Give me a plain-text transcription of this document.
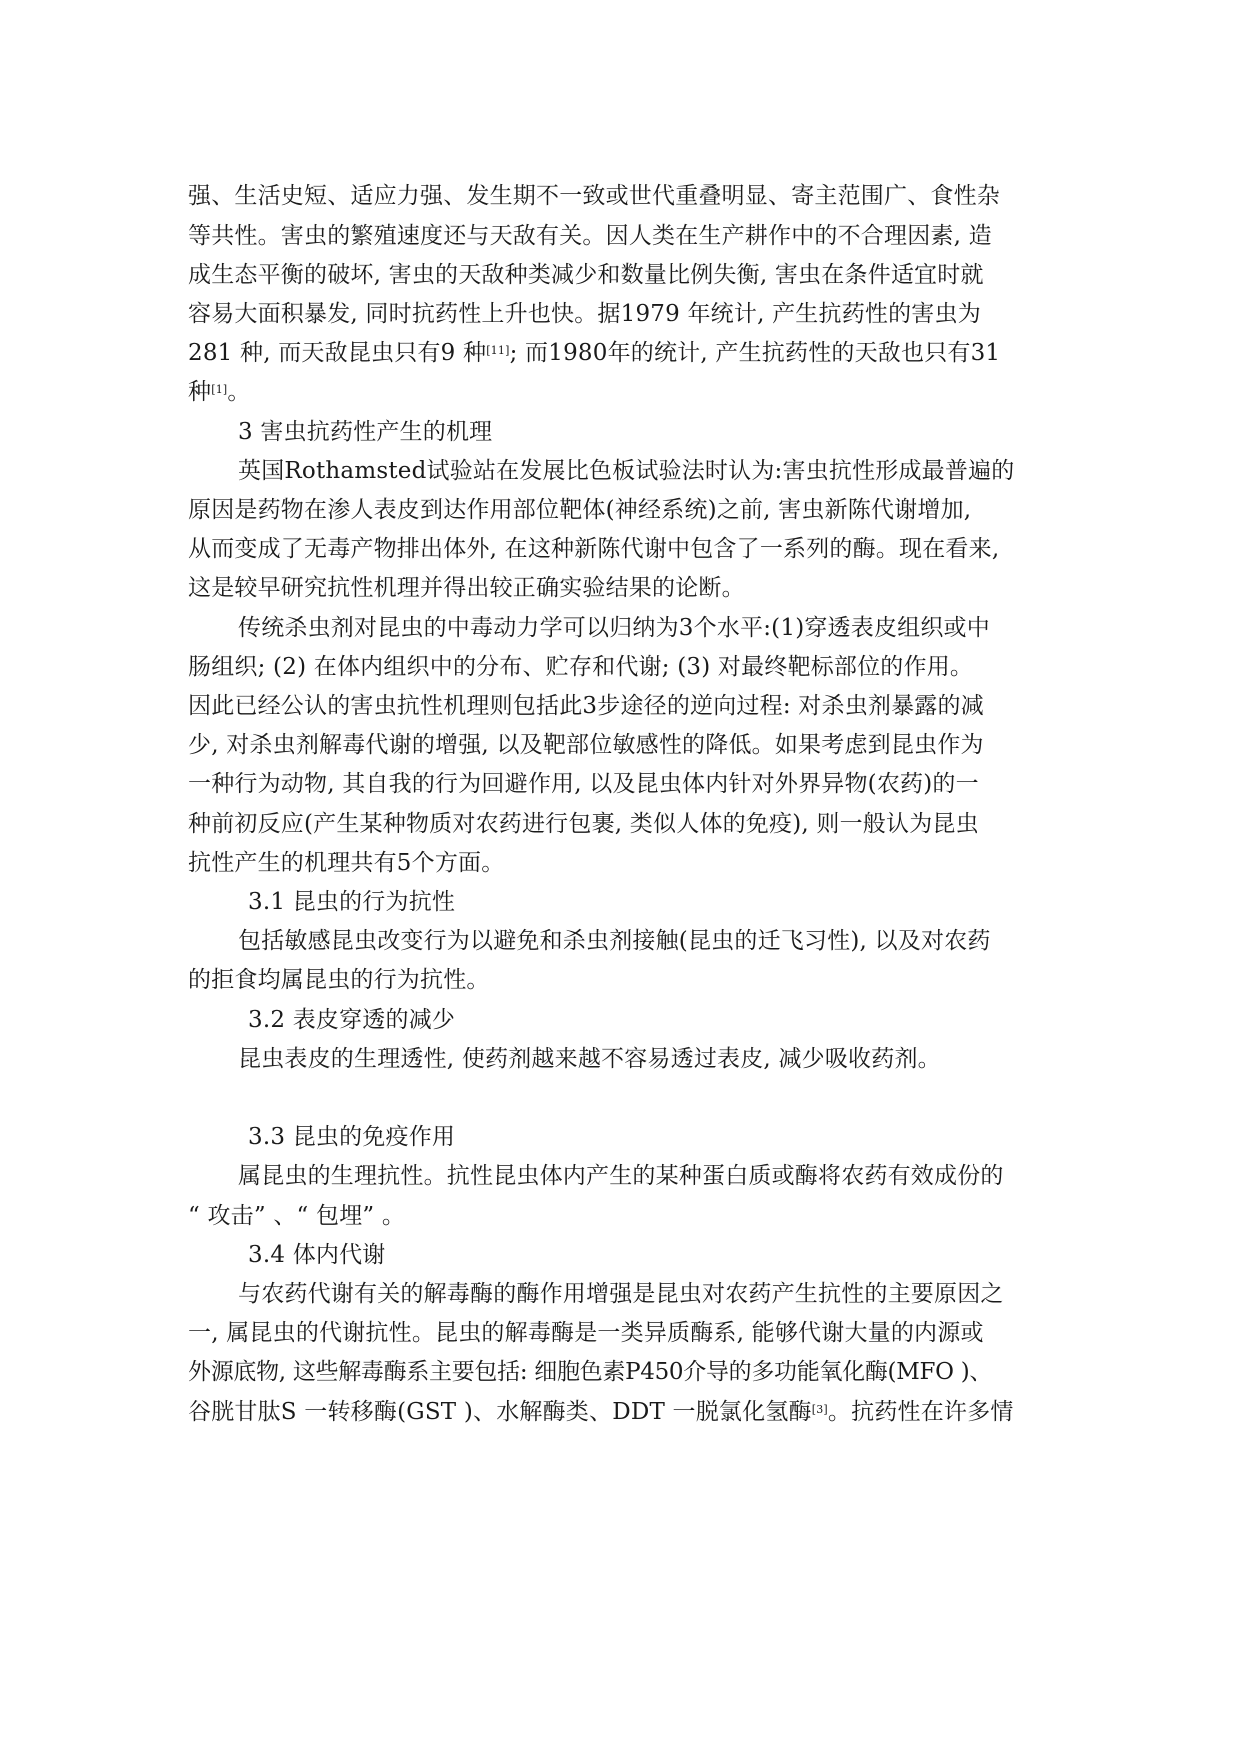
强、生活史短、适应力强、发生期不一致或世代重叠明显、寄主范围广、食性杂
等共性。害虫的繁殖速度还与天敌有关。因人类在生产耕作中的不合理因素, 造
成生态平衡的破坏, 害虫的天敌种类减少和数量比例失衡, 害虫在条件适宜时就
容易大面积暴发, 同时抗药性上升也快。据1979 年统计, 产生抗药性的害虫为
281 种, 而天敌昆虫只有9 种[11]; 而1980年的统计, 产生抗药性的天敌也只有31
种[1]。
3 害虫抗药性产生的机理
英国Rothamsted试验站在发展比色板试验法时认为:害虫抗性形成最普遍的
原因是药物在渗人表皮到达作用部位靶体(神经系统)之前, 害虫新陈代谢增加,
从而变成了无毒产物排出体外, 在这种新陈代谢中包含了一系列的酶。现在看来,
这是较早研究抗性机理并得出较正确实验结果的论断。
传统杀虫剂对昆虫的中毒动力学可以归纳为3个水平:(1)穿透表皮组织或中
肠组织; (2) 在体内组织中的分布、贮存和代谢; (3) 对最终靶标部位的作用。
因此已经公认的害虫抗性机理则包括此3步途径的逆向过程: 对杀虫剂暴露的减
少, 对杀虫剂解毒代谢的增强, 以及靶部位敏感性的降低。如果考虑到昆虫作为
一种行为动物, 其自我的行为回避作用, 以及昆虫体内针对外界异物(农药)的一
种前初反应(产生某种物质对农药进行包裹, 类似人体的免疫), 则一般认为昆虫
抗性产生的机理共有5个方面。
3.1 昆虫的行为抗性
包括敏感昆虫改变行为以避免和杀虫剂接触(昆虫的迁飞习性), 以及对农药
的拒食均属昆虫的行为抗性。
3.2 表皮穿透的减少
昆虫表皮的生理透性, 使药剂越来越不容易透过表皮, 减少吸收药剂。
3.3 昆虫的免疫作用
属昆虫的生理抗性。抗性昆虫体内产生的某种蛋白质或酶将农药有效成份的
“ 攻击” 、“ 包埋” 。
3.4 体内代谢
与农药代谢有关的解毒酶的酶作用增强是昆虫对农药产生抗性的主要原因之
一, 属昆虫的代谢抗性。昆虫的解毒酶是一类异质酶系, 能够代谢大量的内源或
外源底物, 这些解毒酶系主要包括: 细胞色素P450介导的多功能氧化酶(MFO )、
谷胱甘肽S 一转移酶(GST )、水解酶类、DDT 一脱氯化氢酶[3]。抗药性在许多情
